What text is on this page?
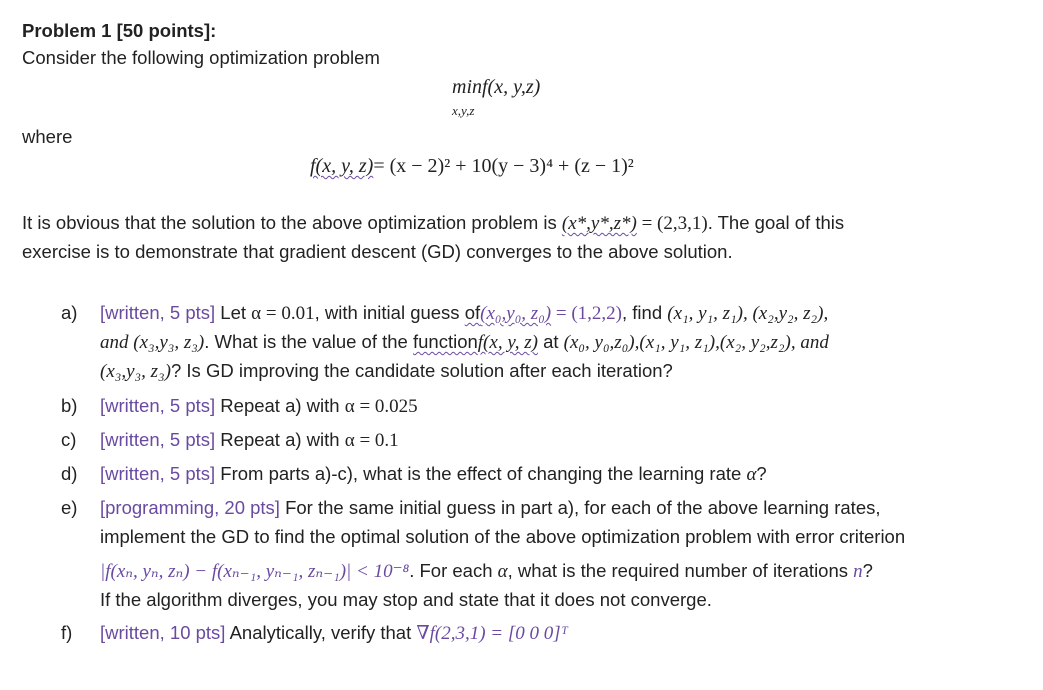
Problem 1 [50 points]:
Consider the following optimization problem
minf(x, y,z)
x,y,z
where
f(x, y, z)= (x − 2)² + 10(y − 3)⁴ + (z − 1)²
It is obvious that the solution to the above optimization problem is (x*,y*,z*) = (2,3,1). The goal of this
exercise is to demonstrate that gradient descent (GD) converges to the above solution.
a)	[written, 5 pts] Let α = 0.01, with initial guess of(x₀,y₀, z₀) = (1,2,2), find (x₁, y₁, z₁), (x₂,y₂, z₂),
and (x₃,y₃, z₃). What is the value of the functionf(x, y, z) at (x₀, y₀,z₀),(x₁, y₁, z₁),(x₂, y₂,z₂), and
(x₃,y₃, z₃)? Is GD improving the candidate solution after each iteration?
b)	[written, 5 pts] Repeat a) with α = 0.025
c)	[written, 5 pts] Repeat a) with α = 0.1
d)	[written, 5 pts] From parts a)-c), what is the effect of changing the learning rate α?
e)	[programming, 20 pts] For the same initial guess in part a), for each of the above learning rates,
implement the GD to find the optimal solution of the above optimization problem with error criterion
|f(xₙ, yₙ, zₙ) − f(xₙ₋₁, yₙ₋₁, zₙ₋₁)| < 10⁻⁸. For each α, what is the required number of iterations n?
If the algorithm diverges, you may stop and state that it does not converge.
f)	[written, 10 pts] Analytically, verify that ∇f(2,3,1) = [0 0 0]ᵀ
